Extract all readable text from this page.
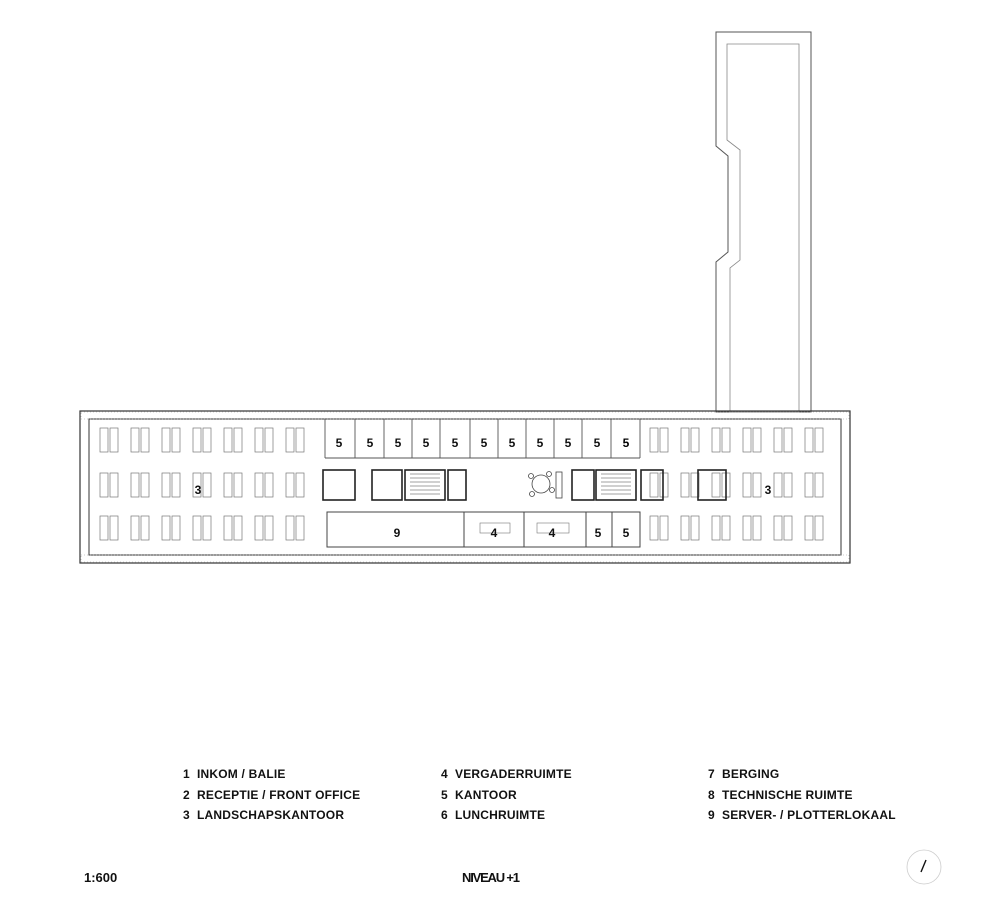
3	3
9	4	4
5 5 5 5 5 5 5 5 5 5
5 5
5
1 INKOM / BALIE
2 RECEPTIE / FRONT OFFICE
3 LANDSCHAPSKANTOOR
4 VERGADERRUIMTE
5 KANTOOR
6 LUNCHRUIMTE
7 BERGING
8 TECHNISCHE RUIMTE
9 SERVER- / PLOTTERLOKAAL
1:600	NIVEAU +1
